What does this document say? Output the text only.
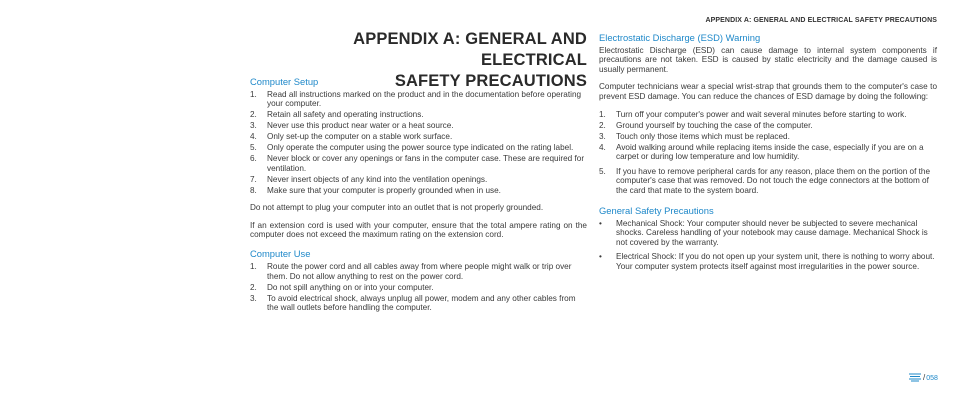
APPENDIX A: GENERAL AND ELECTRICAL SAFETY PRECAUTIONS
APPENDIX A: GENERAL AND ELECTRICAL
SAFETY PRECAUTIONS
Computer Setup
1.	Read all instructions marked on the product and in the documentation before operating your computer.
2.	Retain all safety and operating instructions.
3.	Never use this product near water or a heat source.
4.	Only set-up the computer on a stable work surface.
5.	Only operate the computer using the power source type indicated on the rating label.
6.	Never block or cover any openings or fans in the computer case. These are required for ventilation.
7.	Never insert objects of any kind into the ventilation openings.
8.	Make sure that your computer is properly grounded when in use.

Do not attempt to plug your computer into an outlet that is not properly grounded.

If an extension cord is used with your computer, ensure that the total ampere rating on the computer does not exceed the maximum rating on the extension cord.

Computer Use
1.	Route the power cord and all cables away from where people might walk or trip over them. Do not allow anything to rest on the power cord.
2.	Do not spill anything on or into your computer.
3.	To avoid electrical shock, always unplug all power, modem and any other cables from the wall outlets before handling the computer.
Electrostatic Discharge (ESD) Warning

Electrostatic Discharge (ESD) can cause damage to internal system components if precautions are not taken. ESD is caused by static electricity and the damage caused is usually permanent.

Computer technicians wear a special wrist-strap that grounds them to the computer's case to prevent ESD damage. You can reduce the chances of ESD damage by doing the following:

1.	Turn off your computer's power and wait several minutes before starting to work.
2.	Ground yourself by touching the case of the computer.
3.	Touch only those items which must be replaced.
4.	Avoid walking around while replacing items inside the case, especially if you are on a carpet or during low temperature and low humidity.
5.	If you have to remove peripheral cards for any reason, place them on the portion of the computer's case that was removed. Do not touch the edge connectors at the bottom of the card that mate to the system board.
General Safety Precautions
•	Mechanical Shock: Your computer should never be subjected to severe mechanical shocks. Careless handling of your notebook may cause damage. Mechanical Shock is not covered by the warranty.
•	Electrical Shock: If you do not open up your system unit, there is nothing to worry about. Your computer system protects itself against most irregularities in the power source.
/ 058
